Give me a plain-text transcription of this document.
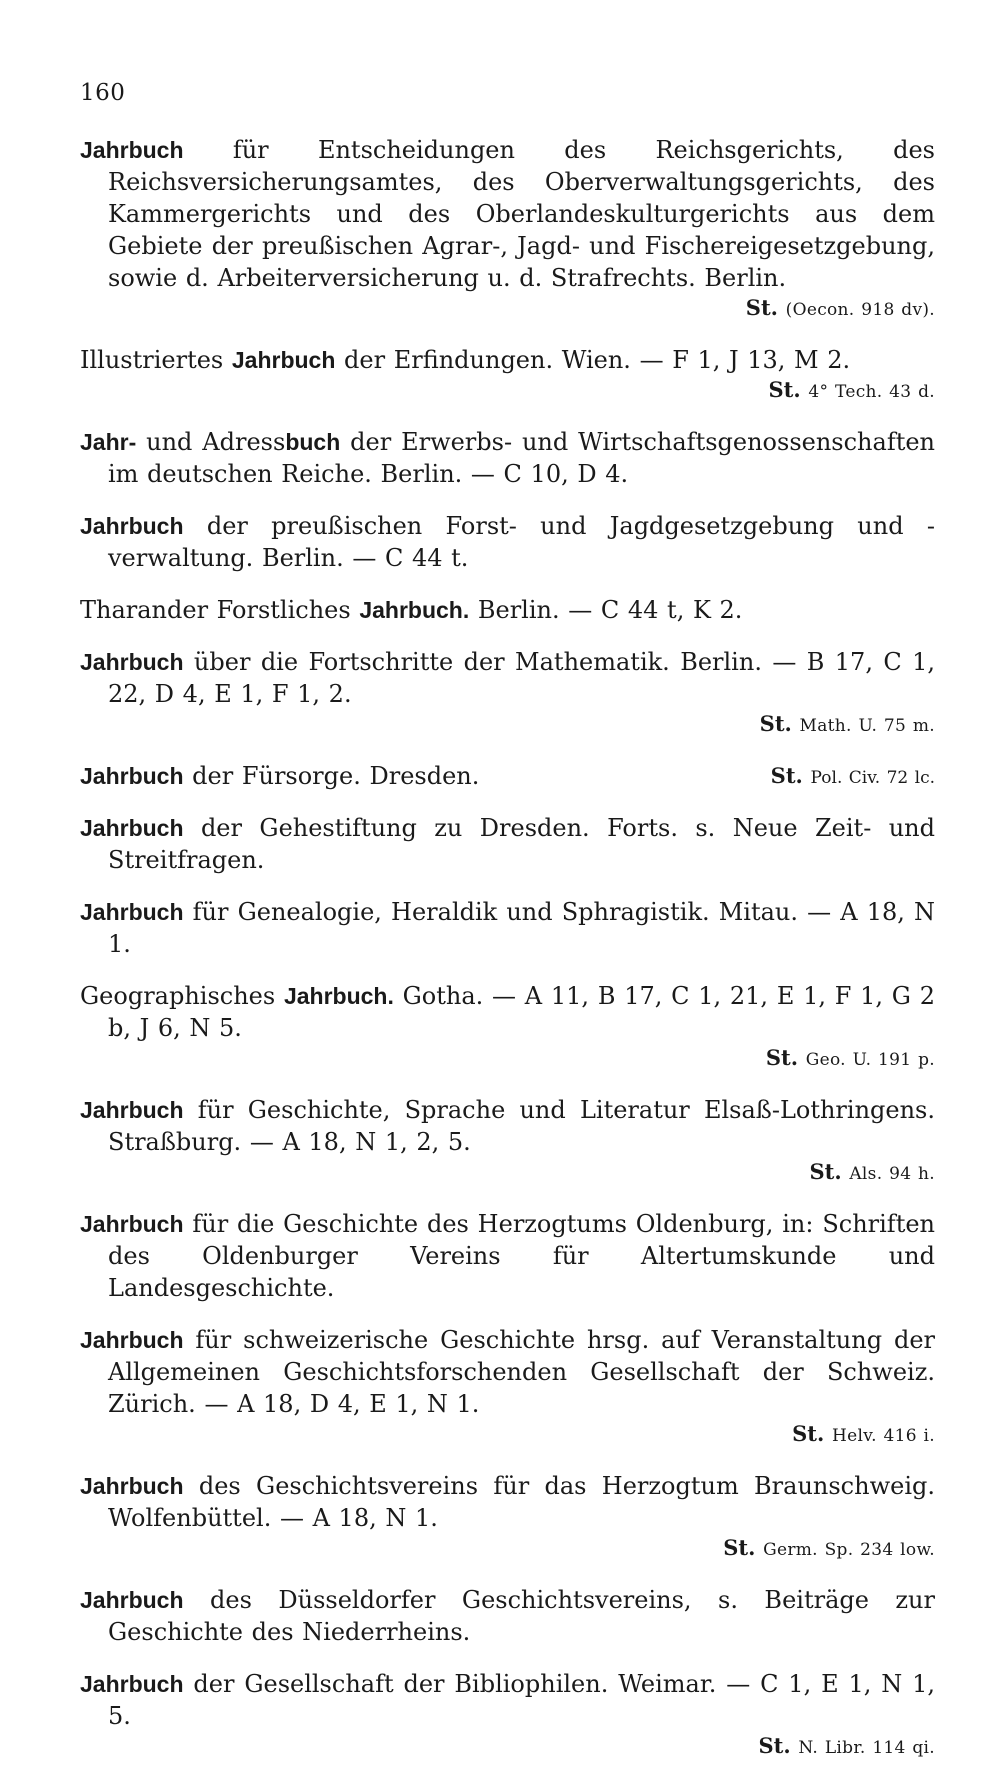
160
Jahrbuch für Entscheidungen des Reichsgerichts, des Reichsversicherungsamtes, des Oberverwaltungsgerichts, des Kammergerichts und des Oberlandeskulturgerichts aus dem Gebiete der preußischen Agrar-, Jagd- und Fischereigesetzgebung, sowie d. Arbeiterversicherung u. d. Strafrechts. Berlin.
St. (Oecon. 918 dv).
Illustriertes Jahrbuch der Erfindungen. Wien. — F 1, J 13, M 2.
St. 4° Tech. 43 d.
Jahr- und Adressbuch der Erwerbs- und Wirtschaftsgenossenschaften im deutschen Reiche. Berlin. — C 10, D 4.
Jahrbuch der preußischen Forst- und Jagdgesetzgebung und -verwaltung. Berlin. — C 44 t.
Tharander Forstliches Jahrbuch. Berlin. — C 44 t, K 2.
Jahrbuch über die Fortschritte der Mathematik. Berlin. — B 17, C 1, 22, D 4, E 1, F 1, 2.
St. Math. U. 75 m.
Jahrbuch der Fürsorge. Dresden.	St. Pol. Civ. 72 lc.
Jahrbuch der Gehestiftung zu Dresden. Forts. s. Neue Zeit- und Streitfragen.
Jahrbuch für Genealogie, Heraldik und Sphragistik. Mitau. — A 18, N 1.
Geographisches Jahrbuch. Gotha. — A 11, B 17, C 1, 21, E 1, F 1, G 2 b, J 6, N 5.
St. Geo. U. 191 p.
Jahrbuch für Geschichte, Sprache und Literatur Elsaß-Lothringens. Straßburg. — A 18, N 1, 2, 5.
St. Als. 94 h.
Jahrbuch für die Geschichte des Herzogtums Oldenburg, in: Schriften des Oldenburger Vereins für Altertumskunde und Landesgeschichte.
Jahrbuch für schweizerische Geschichte hrsg. auf Veranstaltung der Allgemeinen Geschichtsforschenden Gesellschaft der Schweiz. Zürich. — A 18, D 4, E 1, N 1.
St. Helv. 416 i.
Jahrbuch des Geschichtsvereins für das Herzogtum Braunschweig. Wolfenbüttel. — A 18, N 1.
St. Germ. Sp. 234 low.
Jahrbuch des Düsseldorfer Geschichtsvereins, s. Beiträge zur Geschichte des Niederrheins.
Jahrbuch der Gesellschaft der Bibliophilen. Weimar. — C 1, E 1, N 1, 5.
St. N. Libr. 114 qi.
